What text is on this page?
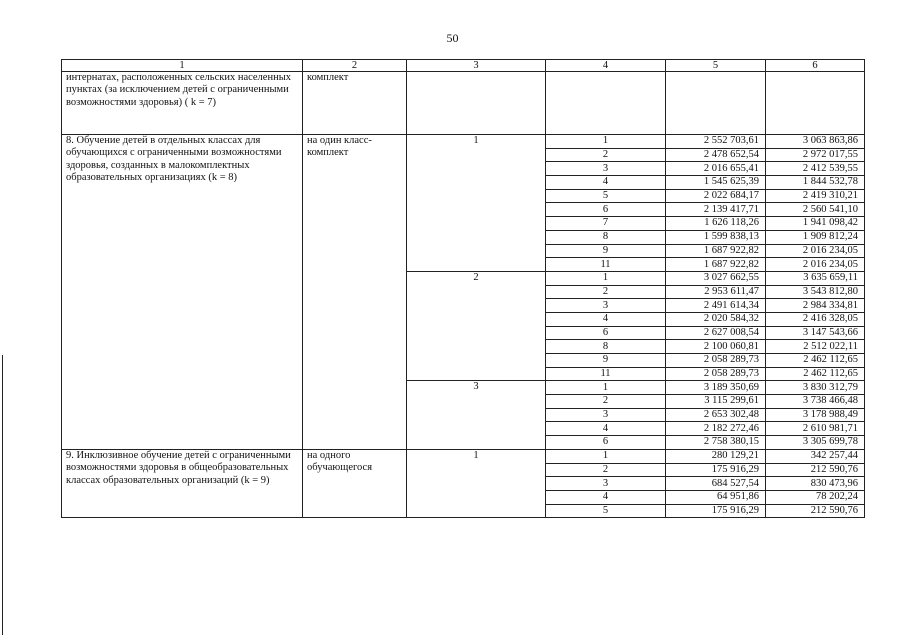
50
1	2	3	4	5	6
интернатах, расположенных сельских населенных пунктах (за исключением детей с ограниченными возможностями здоровья) ( k = 7)	комплект				
8. Обучение детей в отдельных классах для обучающихся с ограниченными возможностями здоровья, созданных в малокомплектных образовательных организациях (k = 8)	на один класс-комплект	1	1	2 552 703,61	3 063 863,86
			2	2 478 652,54	2 972 017,55
			3	2 016 655,41	2 412 539,55
			4	1 545 625,39	1 844 532,78
			5	2 022 684,17	2 419 310,21
			6	2 139 417,71	2 560 541,10
			7	1 626 118,26	1 941 098,42
			8	1 599 838,13	1 909 812,24
			9	1 687 922,82	2 016 234,05
			11	1 687 922,82	2 016 234,05
		2	1	3 027 662,55	3 635 659,11
			2	2 953 611,47	3 543 812,80
			3	2 491 614,34	2 984 334,81
			4	2 020 584,32	2 416 328,05
			6	2 627 008,54	3 147 543,66
			8	2 100 060,81	2 512 022,11
			9	2 058 289,73	2 462 112,65
			11	2 058 289,73	2 462 112,65
		3	1	3 189 350,69	3 830 312,79
			2	3 115 299,61	3 738 466,48
			3	2 653 302,48	3 178 988,49
			4	2 182 272,46	2 610 981,71
			6	2 758 380,15	3 305 699,78
9. Инклюзивное обучение детей с ограниченными возможностями здоровья в общеобразовательных классах образовательных организаций (k = 9)	на одного обучающегося	1	1	280 129,21	342 257,44
			2	175 916,29	212 590,76
			3	684 527,54	830 473,96
			4	64 951,86	78 202,24
			5	175 916,29	212 590,76
